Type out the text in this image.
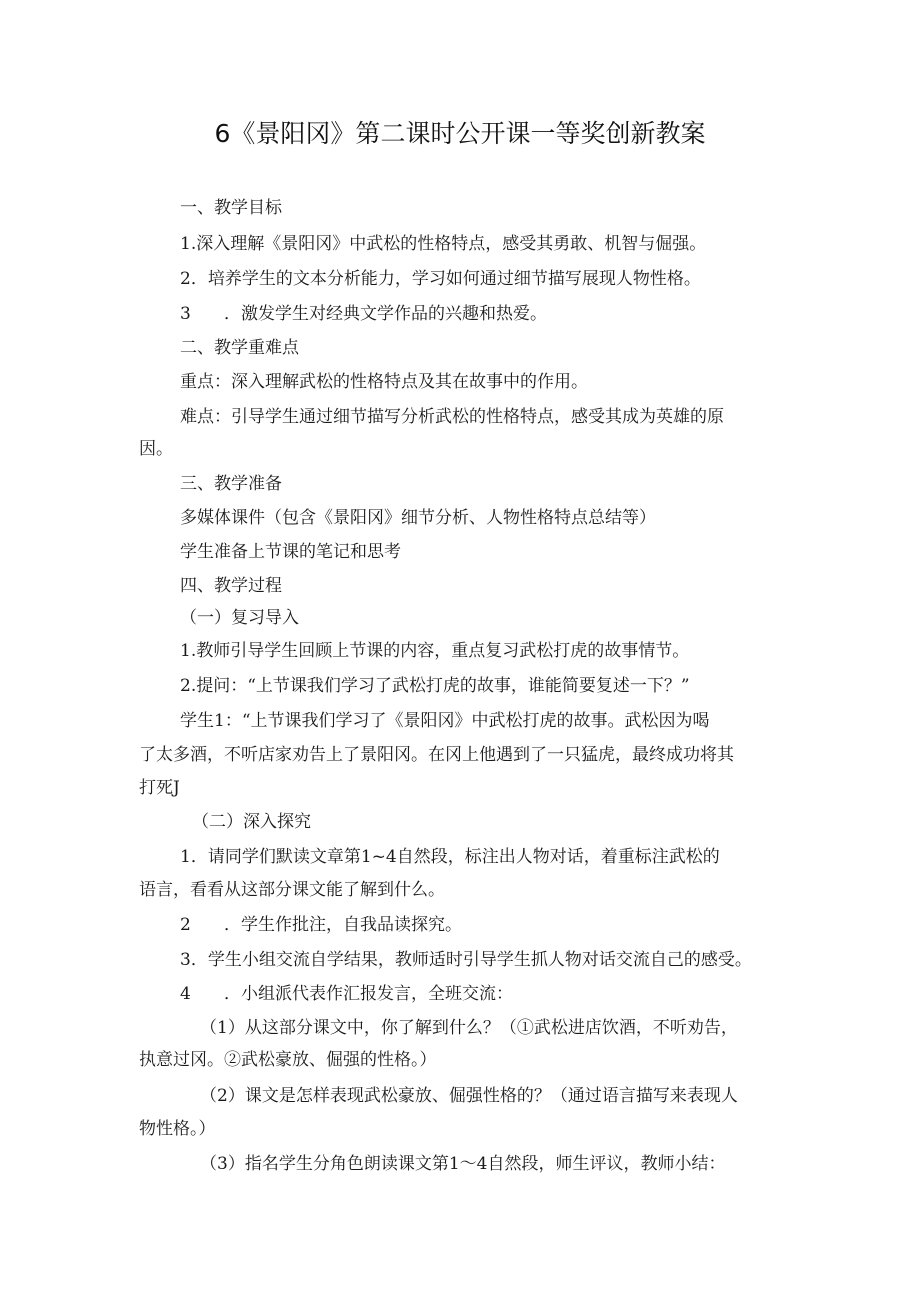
6《景阳冈》第二课时公开课一等奖创新教案
一、教学目标
1.深入理解《景阳冈》中武松的性格特点，感受其勇敢、机智与倔强。
2．培养学生的文本分析能力，学习如何通过细节描写展现人物性格。
3 ．激发学生对经典文学作品的兴趣和热爱。
二、教学重难点
重点：深入理解武松的性格特点及其在故事中的作用。
难点：引导学生通过细节描写分析武松的性格特点，感受其成为英雄的原
因。
三、教学准备
多媒体课件（包含《景阳冈》细节分析、人物性格特点总结等）
学生准备上节课的笔记和思考
四、教学过程
（一）复习导入
1.教师引导学生回顾上节课的内容，重点复习武松打虎的故事情节。
2.提问：“上节课我们学习了武松打虎的故事，谁能简要复述一下？”
学生1：“上节课我们学习了《景阳冈》中武松打虎的故事。武松因为喝
了太多酒，不听店家劝告上了景阳冈。在冈上他遇到了一只猛虎，最终成功将其
打死J
（二）深入探究
1．请同学们默读文章第1~4自然段，标注出人物对话，着重标注武松的
语言，看看从这部分课文能了解到什么。
2 ．学生作批注，自我品读探究。
3．学生小组交流自学结果，教师适时引导学生抓人物对话交流自己的感受。
4 ．小组派代表作汇报发言，全班交流：
（1）从这部分课文中，你了解到什么？（①武松进店饮酒，不听劝告，
执意过冈。②武松豪放、倔强的性格。）
（2）课文是怎样表现武松豪放、倔强性格的？（通过语言描写来表现人
物性格。）
（3）指名学生分角色朗读课文第1～4自然段，师生评议，教师小结：
